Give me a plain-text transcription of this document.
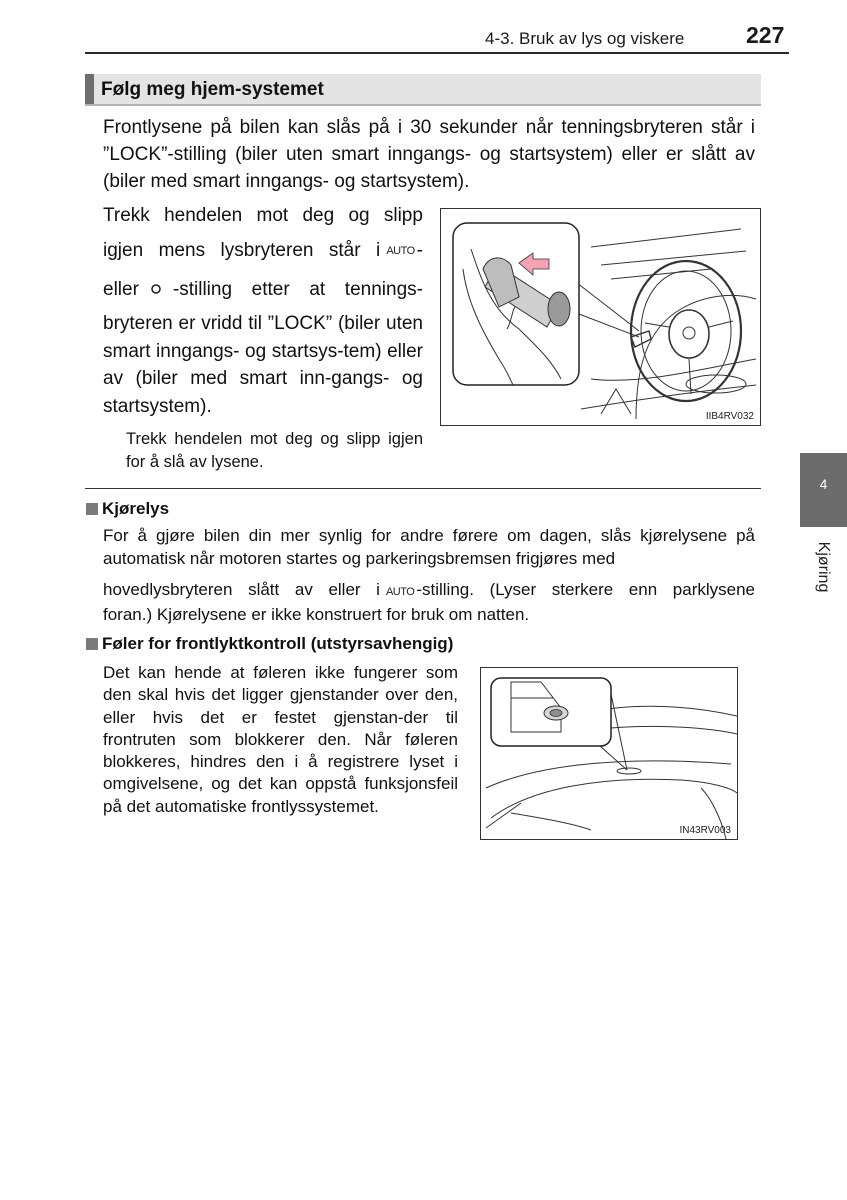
4-3. Bruk av lys og viskere	227
Følg meg hjem-systemet

Frontlysene på bilen kan slås på i 30 sekunder når tenningsbryteren står i ”LOCK”-stilling (biler uten smart inngangs- og startsystem) eller er slått av (biler med smart inngangs- og startsystem).

Trekk hendelen mot deg og slipp
igjen mens lysbryteren står i AUTO -
eller -stilling etter at tennings-

bryteren er vridd til ”LOCK” (biler uten smart inngangs- og startsys-tem) eller av (biler med smart inn-gangs- og startsystem).

Trekk hendelen mot deg og slipp igjen for å slå av lysene.

IIB4RV032
Kjørelys

For å gjøre bilen din mer synlig for andre førere om dagen, slås kjørelysene på automatisk når motoren startes og parkeringsbremsen frigjøres med

hovedlysbryteren slått av eller i AUTO -stilling. (Lyser sterkere enn parklysene

foran.) Kjørelysene er ikke konstruert for bruk om natten.

Føler for frontlyktkontroll (utstyrsavhengig)

Det kan hende at føleren ikke fungerer som den skal hvis det ligger gjenstander over den, eller hvis det er festet gjenstan-der til frontruten som blokkerer den. Når føleren blokkeres, hindres den i å registrere lyset i omgivelsene, og det kan oppstå funksjonsfeil på det automatiske frontlyssystemet.

IN43RV003
4
Kjøring
